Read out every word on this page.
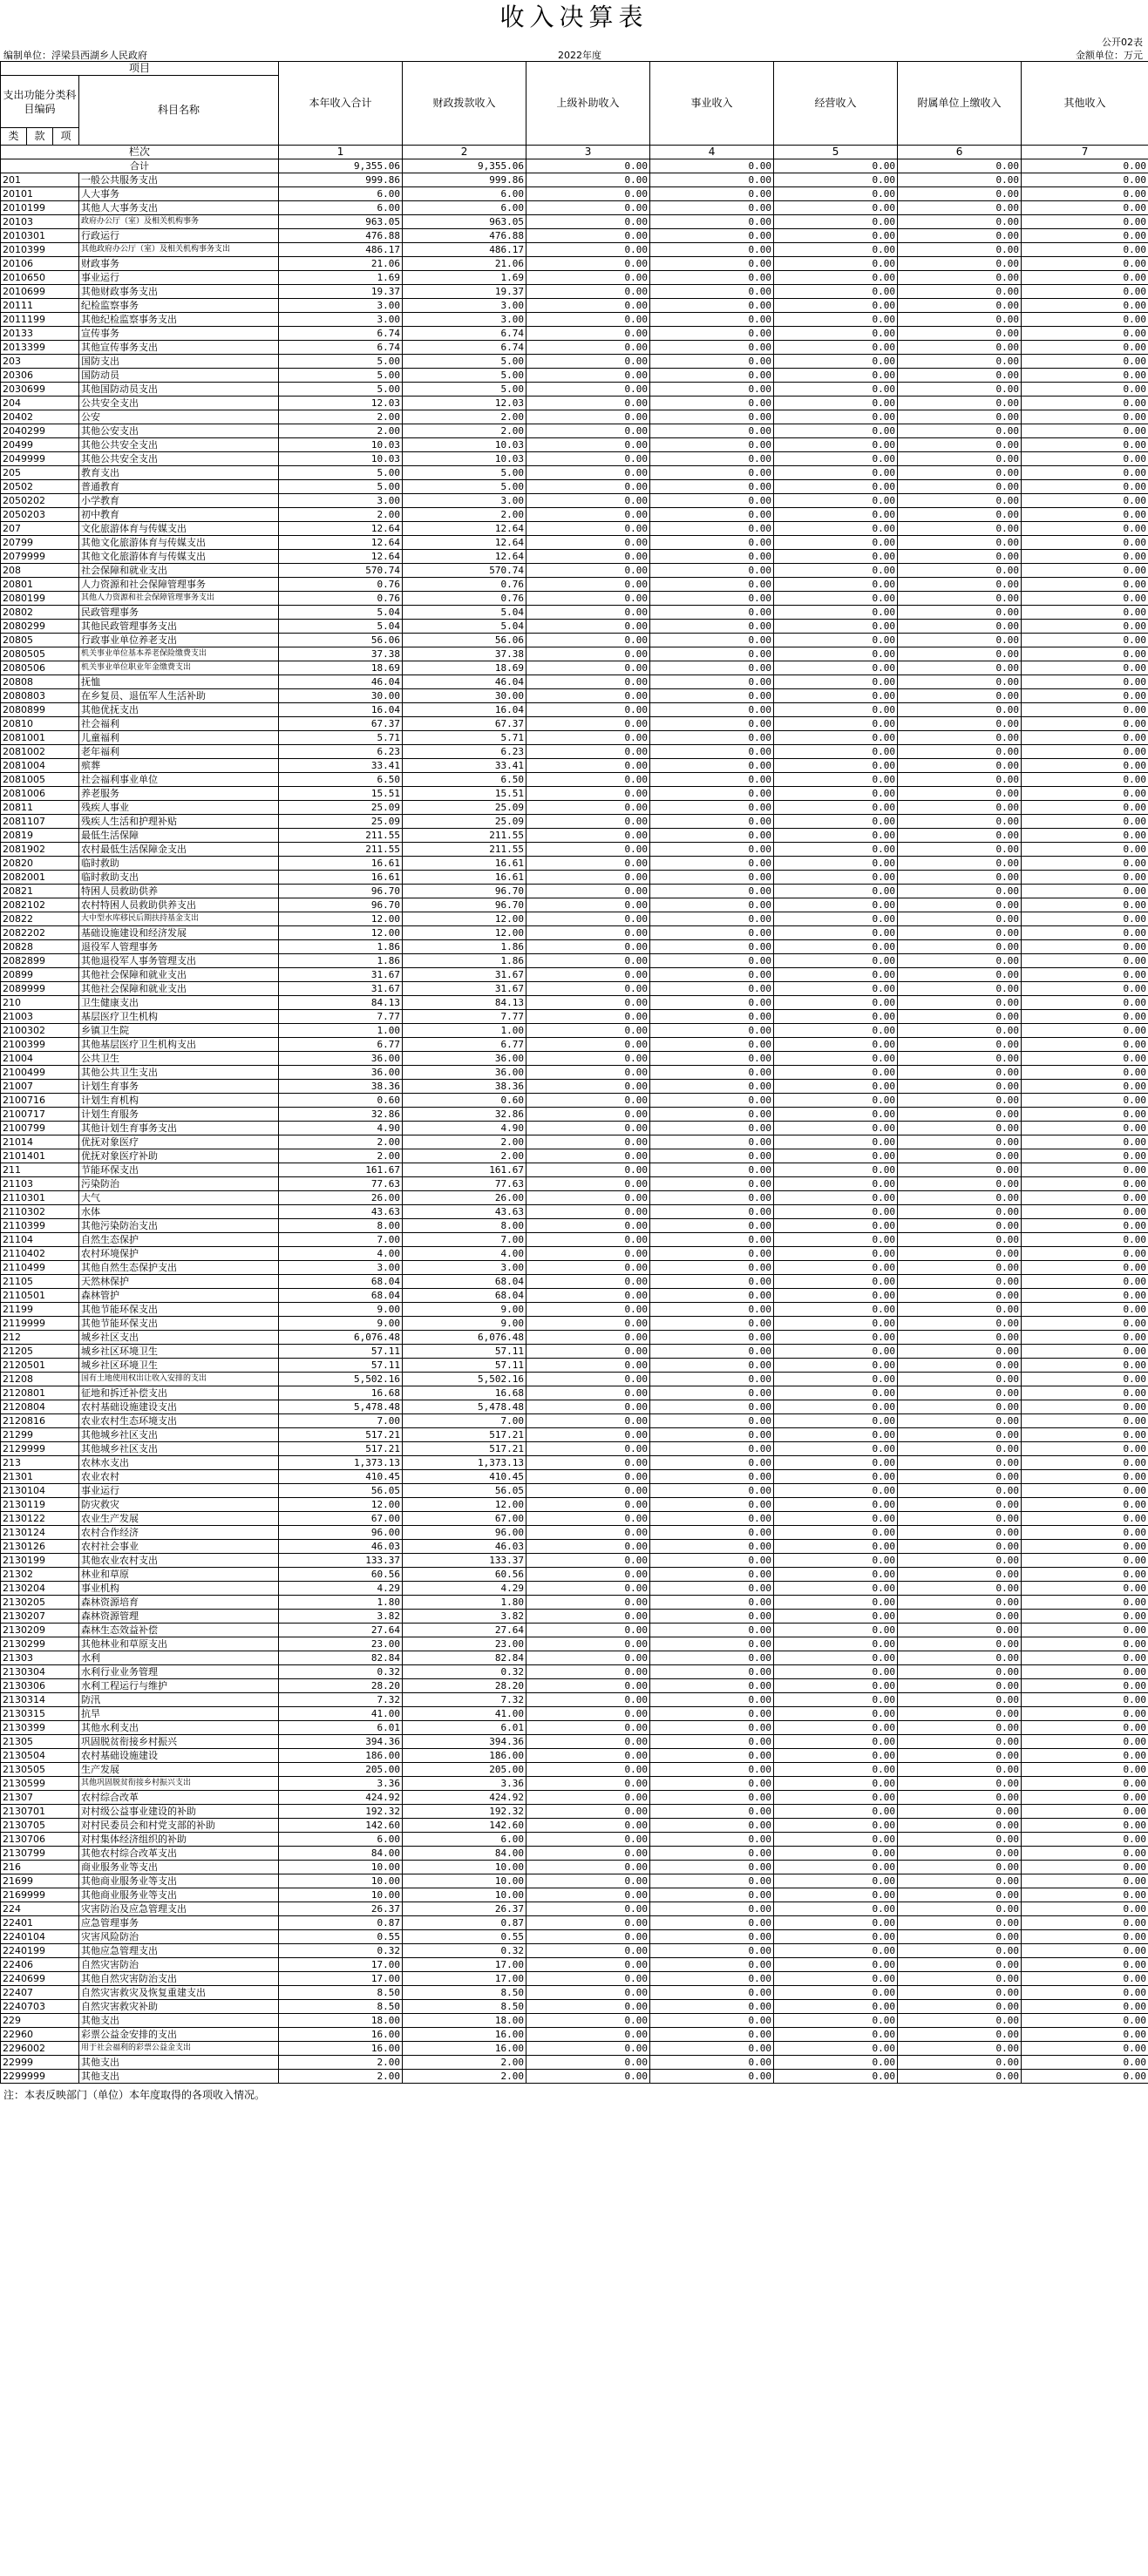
收入决算表
公开02表
编制单位：浮梁县西湖乡人民政府	2022年度	金额单位：万元
项目				本年收入合计	财政拨款收入	上级补助收入	事业收入	经营收入	附属单位上缴收入	其他收入
支出功能分类科目编码			科目名称							
类	款	项								
栏次				1	2	3	4	5	6	7
合计				9,355.06	9,355.06	0.00	0.00	0.00	0.00	0.00
201			一般公共服务支出	999.86	999.86	0.00	0.00	0.00	0.00	0.00
20101			人大事务	6.00	6.00	0.00	0.00	0.00	0.00	0.00
2010199			其他人大事务支出	6.00	6.00	0.00	0.00	0.00	0.00	0.00
20103			政府办公厅（室）及相关机构事务	963.05	963.05	0.00	0.00	0.00	0.00	0.00
2010301			行政运行	476.88	476.88	0.00	0.00	0.00	0.00	0.00
2010399			其他政府办公厅（室）及相关机构事务支出	486.17	486.17	0.00	0.00	0.00	0.00	0.00
20106			财政事务	21.06	21.06	0.00	0.00	0.00	0.00	0.00
2010650			事业运行	1.69	1.69	0.00	0.00	0.00	0.00	0.00
2010699			其他财政事务支出	19.37	19.37	0.00	0.00	0.00	0.00	0.00
20111			纪检监察事务	3.00	3.00	0.00	0.00	0.00	0.00	0.00
2011199			其他纪检监察事务支出	3.00	3.00	0.00	0.00	0.00	0.00	0.00
20133			宣传事务	6.74	6.74	0.00	0.00	0.00	0.00	0.00
2013399			其他宣传事务支出	6.74	6.74	0.00	0.00	0.00	0.00	0.00
203			国防支出	5.00	5.00	0.00	0.00	0.00	0.00	0.00
20306			国防动员	5.00	5.00	0.00	0.00	0.00	0.00	0.00
2030699			其他国防动员支出	5.00	5.00	0.00	0.00	0.00	0.00	0.00
204			公共安全支出	12.03	12.03	0.00	0.00	0.00	0.00	0.00
20402			公安	2.00	2.00	0.00	0.00	0.00	0.00	0.00
2040299			其他公安支出	2.00	2.00	0.00	0.00	0.00	0.00	0.00
20499			其他公共安全支出	10.03	10.03	0.00	0.00	0.00	0.00	0.00
2049999			其他公共安全支出	10.03	10.03	0.00	0.00	0.00	0.00	0.00
205			教育支出	5.00	5.00	0.00	0.00	0.00	0.00	0.00
20502			普通教育	5.00	5.00	0.00	0.00	0.00	0.00	0.00
2050202			小学教育	3.00	3.00	0.00	0.00	0.00	0.00	0.00
2050203			初中教育	2.00	2.00	0.00	0.00	0.00	0.00	0.00
207			文化旅游体育与传媒支出	12.64	12.64	0.00	0.00	0.00	0.00	0.00
20799			其他文化旅游体育与传媒支出	12.64	12.64	0.00	0.00	0.00	0.00	0.00
2079999			其他文化旅游体育与传媒支出	12.64	12.64	0.00	0.00	0.00	0.00	0.00
208			社会保障和就业支出	570.74	570.74	0.00	0.00	0.00	0.00	0.00
20801			人力资源和社会保障管理事务	0.76	0.76	0.00	0.00	0.00	0.00	0.00
2080199			其他人力资源和社会保障管理事务支出	0.76	0.76	0.00	0.00	0.00	0.00	0.00
20802			民政管理事务	5.04	5.04	0.00	0.00	0.00	0.00	0.00
2080299			其他民政管理事务支出	5.04	5.04	0.00	0.00	0.00	0.00	0.00
20805			行政事业单位养老支出	56.06	56.06	0.00	0.00	0.00	0.00	0.00
2080505			机关事业单位基本养老保险缴费支出	37.38	37.38	0.00	0.00	0.00	0.00	0.00
2080506			机关事业单位职业年金缴费支出	18.69	18.69	0.00	0.00	0.00	0.00	0.00
20808			抚恤	46.04	46.04	0.00	0.00	0.00	0.00	0.00
2080803			在乡复员、退伍军人生活补助	30.00	30.00	0.00	0.00	0.00	0.00	0.00
2080899			其他优抚支出	16.04	16.04	0.00	0.00	0.00	0.00	0.00
20810			社会福利	67.37	67.37	0.00	0.00	0.00	0.00	0.00
2081001			儿童福利	5.71	5.71	0.00	0.00	0.00	0.00	0.00
2081002			老年福利	6.23	6.23	0.00	0.00	0.00	0.00	0.00
2081004			殡葬	33.41	33.41	0.00	0.00	0.00	0.00	0.00
2081005			社会福利事业单位	6.50	6.50	0.00	0.00	0.00	0.00	0.00
2081006			养老服务	15.51	15.51	0.00	0.00	0.00	0.00	0.00
20811			残疾人事业	25.09	25.09	0.00	0.00	0.00	0.00	0.00
2081107			残疾人生活和护理补贴	25.09	25.09	0.00	0.00	0.00	0.00	0.00
20819			最低生活保障	211.55	211.55	0.00	0.00	0.00	0.00	0.00
2081902			农村最低生活保障金支出	211.55	211.55	0.00	0.00	0.00	0.00	0.00
20820			临时救助	16.61	16.61	0.00	0.00	0.00	0.00	0.00
2082001			临时救助支出	16.61	16.61	0.00	0.00	0.00	0.00	0.00
20821			特困人员救助供养	96.70	96.70	0.00	0.00	0.00	0.00	0.00
2082102			农村特困人员救助供养支出	96.70	96.70	0.00	0.00	0.00	0.00	0.00
20822			大中型水库移民后期扶持基金支出	12.00	12.00	0.00	0.00	0.00	0.00	0.00
2082202			基础设施建设和经济发展	12.00	12.00	0.00	0.00	0.00	0.00	0.00
20828			退役军人管理事务	1.86	1.86	0.00	0.00	0.00	0.00	0.00
2082899			其他退役军人事务管理支出	1.86	1.86	0.00	0.00	0.00	0.00	0.00
20899			其他社会保障和就业支出	31.67	31.67	0.00	0.00	0.00	0.00	0.00
2089999			其他社会保障和就业支出	31.67	31.67	0.00	0.00	0.00	0.00	0.00
210			卫生健康支出	84.13	84.13	0.00	0.00	0.00	0.00	0.00
21003			基层医疗卫生机构	7.77	7.77	0.00	0.00	0.00	0.00	0.00
2100302			乡镇卫生院	1.00	1.00	0.00	0.00	0.00	0.00	0.00
2100399			其他基层医疗卫生机构支出	6.77	6.77	0.00	0.00	0.00	0.00	0.00
21004			公共卫生	36.00	36.00	0.00	0.00	0.00	0.00	0.00
2100499			其他公共卫生支出	36.00	36.00	0.00	0.00	0.00	0.00	0.00
21007			计划生育事务	38.36	38.36	0.00	0.00	0.00	0.00	0.00
2100716			计划生育机构	0.60	0.60	0.00	0.00	0.00	0.00	0.00
2100717			计划生育服务	32.86	32.86	0.00	0.00	0.00	0.00	0.00
2100799			其他计划生育事务支出	4.90	4.90	0.00	0.00	0.00	0.00	0.00
21014			优抚对象医疗	2.00	2.00	0.00	0.00	0.00	0.00	0.00
2101401			优抚对象医疗补助	2.00	2.00	0.00	0.00	0.00	0.00	0.00
211			节能环保支出	161.67	161.67	0.00	0.00	0.00	0.00	0.00
21103			污染防治	77.63	77.63	0.00	0.00	0.00	0.00	0.00
2110301			大气	26.00	26.00	0.00	0.00	0.00	0.00	0.00
2110302			水体	43.63	43.63	0.00	0.00	0.00	0.00	0.00
2110399			其他污染防治支出	8.00	8.00	0.00	0.00	0.00	0.00	0.00
21104			自然生态保护	7.00	7.00	0.00	0.00	0.00	0.00	0.00
2110402			农村环境保护	4.00	4.00	0.00	0.00	0.00	0.00	0.00
2110499			其他自然生态保护支出	3.00	3.00	0.00	0.00	0.00	0.00	0.00
21105			天然林保护	68.04	68.04	0.00	0.00	0.00	0.00	0.00
2110501			森林管护	68.04	68.04	0.00	0.00	0.00	0.00	0.00
21199			其他节能环保支出	9.00	9.00	0.00	0.00	0.00	0.00	0.00
2119999			其他节能环保支出	9.00	9.00	0.00	0.00	0.00	0.00	0.00
212			城乡社区支出	6,076.48	6,076.48	0.00	0.00	0.00	0.00	0.00
21205			城乡社区环境卫生	57.11	57.11	0.00	0.00	0.00	0.00	0.00
2120501			城乡社区环境卫生	57.11	57.11	0.00	0.00	0.00	0.00	0.00
21208			国有土地使用权出让收入安排的支出	5,502.16	5,502.16	0.00	0.00	0.00	0.00	0.00
2120801			征地和拆迁补偿支出	16.68	16.68	0.00	0.00	0.00	0.00	0.00
2120804			农村基础设施建设支出	5,478.48	5,478.48	0.00	0.00	0.00	0.00	0.00
2120816			农业农村生态环境支出	7.00	7.00	0.00	0.00	0.00	0.00	0.00
21299			其他城乡社区支出	517.21	517.21	0.00	0.00	0.00	0.00	0.00
2129999			其他城乡社区支出	517.21	517.21	0.00	0.00	0.00	0.00	0.00
213			农林水支出	1,373.13	1,373.13	0.00	0.00	0.00	0.00	0.00
21301			农业农村	410.45	410.45	0.00	0.00	0.00	0.00	0.00
2130104			事业运行	56.05	56.05	0.00	0.00	0.00	0.00	0.00
2130119			防灾救灾	12.00	12.00	0.00	0.00	0.00	0.00	0.00
2130122			农业生产发展	67.00	67.00	0.00	0.00	0.00	0.00	0.00
2130124			农村合作经济	96.00	96.00	0.00	0.00	0.00	0.00	0.00
2130126			农村社会事业	46.03	46.03	0.00	0.00	0.00	0.00	0.00
2130199			其他农业农村支出	133.37	133.37	0.00	0.00	0.00	0.00	0.00
21302			林业和草原	60.56	60.56	0.00	0.00	0.00	0.00	0.00
2130204			事业机构	4.29	4.29	0.00	0.00	0.00	0.00	0.00
2130205			森林资源培育	1.80	1.80	0.00	0.00	0.00	0.00	0.00
2130207			森林资源管理	3.82	3.82	0.00	0.00	0.00	0.00	0.00
2130209			森林生态效益补偿	27.64	27.64	0.00	0.00	0.00	0.00	0.00
2130299			其他林业和草原支出	23.00	23.00	0.00	0.00	0.00	0.00	0.00
21303			水利	82.84	82.84	0.00	0.00	0.00	0.00	0.00
2130304			水利行业业务管理	0.32	0.32	0.00	0.00	0.00	0.00	0.00
2130306			水利工程运行与维护	28.20	28.20	0.00	0.00	0.00	0.00	0.00
2130314			防汛	7.32	7.32	0.00	0.00	0.00	0.00	0.00
2130315			抗旱	41.00	41.00	0.00	0.00	0.00	0.00	0.00
2130399			其他水利支出	6.01	6.01	0.00	0.00	0.00	0.00	0.00
21305			巩固脱贫衔接乡村振兴	394.36	394.36	0.00	0.00	0.00	0.00	0.00
2130504			农村基础设施建设	186.00	186.00	0.00	0.00	0.00	0.00	0.00
2130505			生产发展	205.00	205.00	0.00	0.00	0.00	0.00	0.00
2130599			其他巩固脱贫衔接乡村振兴支出	3.36	3.36	0.00	0.00	0.00	0.00	0.00
21307			农村综合改革	424.92	424.92	0.00	0.00	0.00	0.00	0.00
2130701			对村级公益事业建设的补助	192.32	192.32	0.00	0.00	0.00	0.00	0.00
2130705			对村民委员会和村党支部的补助	142.60	142.60	0.00	0.00	0.00	0.00	0.00
2130706			对村集体经济组织的补助	6.00	6.00	0.00	0.00	0.00	0.00	0.00
2130799			其他农村综合改革支出	84.00	84.00	0.00	0.00	0.00	0.00	0.00
216			商业服务业等支出	10.00	10.00	0.00	0.00	0.00	0.00	0.00
21699			其他商业服务业等支出	10.00	10.00	0.00	0.00	0.00	0.00	0.00
2169999			其他商业服务业等支出	10.00	10.00	0.00	0.00	0.00	0.00	0.00
224			灾害防治及应急管理支出	26.37	26.37	0.00	0.00	0.00	0.00	0.00
22401			应急管理事务	0.87	0.87	0.00	0.00	0.00	0.00	0.00
2240104			灾害风险防治	0.55	0.55	0.00	0.00	0.00	0.00	0.00
2240199			其他应急管理支出	0.32	0.32	0.00	0.00	0.00	0.00	0.00
22406			自然灾害防治	17.00	17.00	0.00	0.00	0.00	0.00	0.00
2240699			其他自然灾害防治支出	17.00	17.00	0.00	0.00	0.00	0.00	0.00
22407			自然灾害救灾及恢复重建支出	8.50	8.50	0.00	0.00	0.00	0.00	0.00
2240703			自然灾害救灾补助	8.50	8.50	0.00	0.00	0.00	0.00	0.00
229			其他支出	18.00	18.00	0.00	0.00	0.00	0.00	0.00
22960			彩票公益金安排的支出	16.00	16.00	0.00	0.00	0.00	0.00	0.00
2296002			用于社会福利的彩票公益金支出	16.00	16.00	0.00	0.00	0.00	0.00	0.00
22999			其他支出	2.00	2.00	0.00	0.00	0.00	0.00	0.00
2299999			其他支出	2.00	2.00	0.00	0.00	0.00	0.00	0.00
注：本表反映部门（单位）本年度取得的各项收入情况。
